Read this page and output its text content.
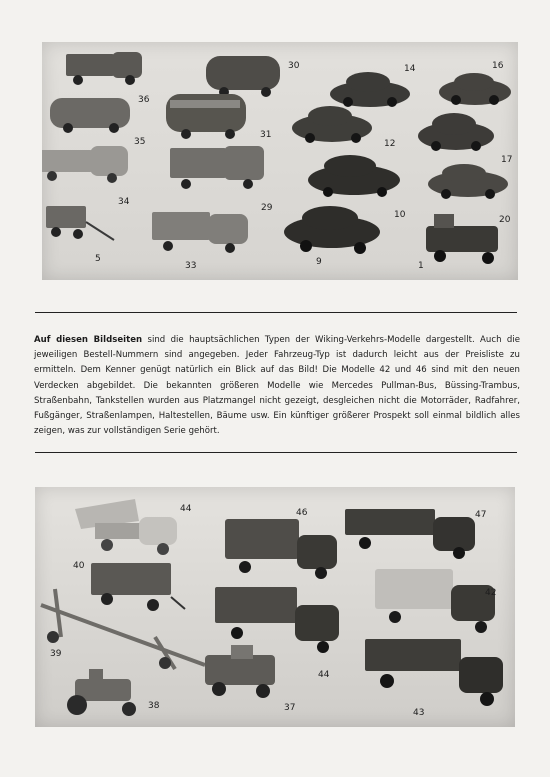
30	14	16
36
35
31
12
17
34
29
10	20
5
33	9	1

Auf diesen Bildseiten sind die hauptsächlichen Typen der Wiking-Verkehrs-Modelle dargestellt. Auch die jeweiligen Bestell-Nummern sind angegeben. Jeder Fahrzeug-Typ ist dadurch leicht aus der Preisliste zu ermitteln. Dem Kenner genügt natürlich ein Blick auf das Bild! Die Modelle 42 und 46 sind mit den neuen Verdecken abgebildet. Die bekannten größeren Modelle wie Mercedes Pullman-Bus, Büssing-Trambus, Straßenbahn, Tankstellen wurden aus Platzmangel nicht gezeigt, desgleichen nicht die Motorräder, Radfahrer, Fußgänger, Straßenlampen, Haltestellen, Bäume usw. Ein künftiger größerer Prospekt soll einmal bildlich alles zeigen, was zur vollständigen Serie gehört.

44	46	47
40
42
39
44
38	37	43
